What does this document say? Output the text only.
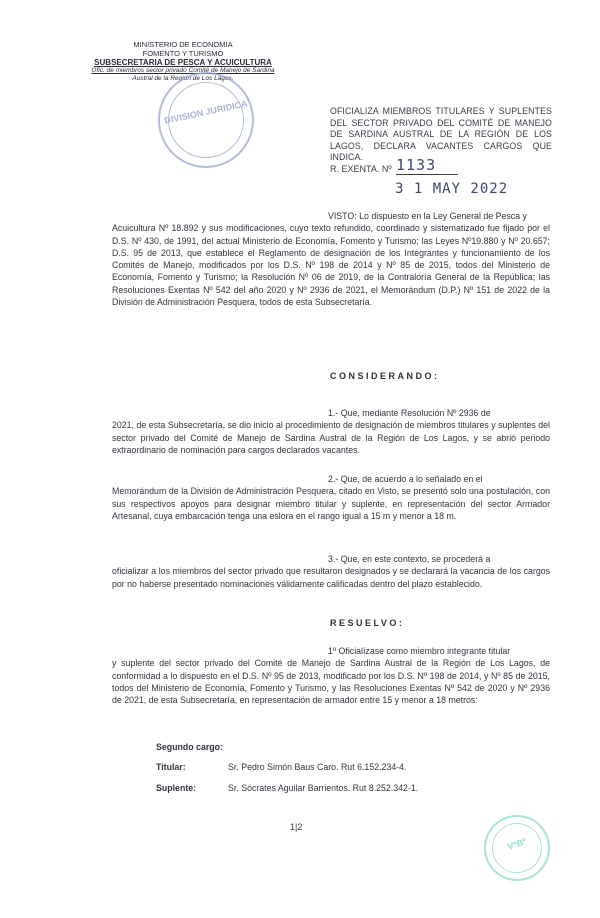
MINISTERIO DE ECONOMIA
FOMENTO Y TURISMO
SUBSECRETARIA DE PESCA Y ACUICULTURA
Ofic. de miembros sector privado Comité de Manejo de Sardina
Austral de la Región de Los Lagos.
DIVISION JURIDICA	OFICIALIZA MIEMBROS TITULARES Y SUPLENTES DEL SECTOR PRIVADO DEL COMITÉ DE MANEJO DE SARDINA AUSTRAL DE LA REGIÓN DE LOS LAGOS, DECLARA VACANTES CARGOS QUE INDICA.
R. EXENTA. Nº 1133
3 1 MAY 2022
VISTO: Lo dispuesto en la Ley General de Pesca y
Acuicultura Nº 18.892 y sus modificaciones, cuyo texto refundido, coordinado y sistematizado fue fijado por el D.S. Nº 430, de 1991, del actual Ministerio de Economía, Fomento y Turismo; las Leyes Nº19.880 y Nº 20.657; D.S. 95 de 2013, que establece el Reglamento de designación de los Integrantes y funcionamiento de los Comités de Manejo, modificados por los D.S. Nº 198 de 2014 y Nº 85 de 2015, todos del Ministerio de Economía, Fomento y Turismo; la Resolución Nº 06 de 2019, de la Contraloría General de la República; las Resoluciones Exentas Nº 542 del año 2020 y Nº 2936 de 2021, el Memorándum (D.P.) Nº 151 de 2022 de la División de Administración Pesquera, todos de esta Subsecretaría.
CONSIDERANDO:
1.- Que, mediante Resolución Nº 2936 de
2021, de esta Subsecretaría, se dio inicio al procedimiento de designación de miembros titulares y suplentes del sector privado del Comité de Manejo de Sardina Austral de la Región de Los Lagos, y se abrió periodo extraordinario de nominación para cargos declarados vacantes.
2.- Que, de acuerdo a lo señalado en el
Memorándum de la División de Administración Pesquera, citado en Visto, se presentó solo una postulación, con sus respectivos apoyos para designar miembro titular y suplente, en representación del sector Armador Artesanal, cuya embarcación tenga una eslora en el rango igual a 15 m y menor a 18 m.
3.- Que, en este contexto, se procederá a
oficializar a los miembros del sector privado que resultaron designados y se declarará la vacancia de los cargos por no haberse presentado nominaciones válidamente calificadas dentro del plazo establecido.
RESUELVO:
1º Oficialízase como miembro integrante titular
y suplente del sector privado del Comité de Manejo de Sardina Austral de la Región de Los Lagos, de conformidad a lo dispuesto en el D.S. Nº 95 de 2013, modificado por los D.S. Nº 198 de 2014, y Nº 85 de 2015, todos del Ministerio de Economía, Fomento y Turismo, y las Resoluciones Exentas Nº 542 de 2020 y Nº 2936 de 2021, de esta Subsecretaría, en representación de armador entre 15 y menor a 18 metros:
Segundo cargo:
Titular:	Sr. Pedro Simón Baus Caro. Rut 6.152.234-4.
Suplente:	Sr. Sócrates Aguilar Barrientos. Rut 8.252.342-1.
1|2
VºBº
